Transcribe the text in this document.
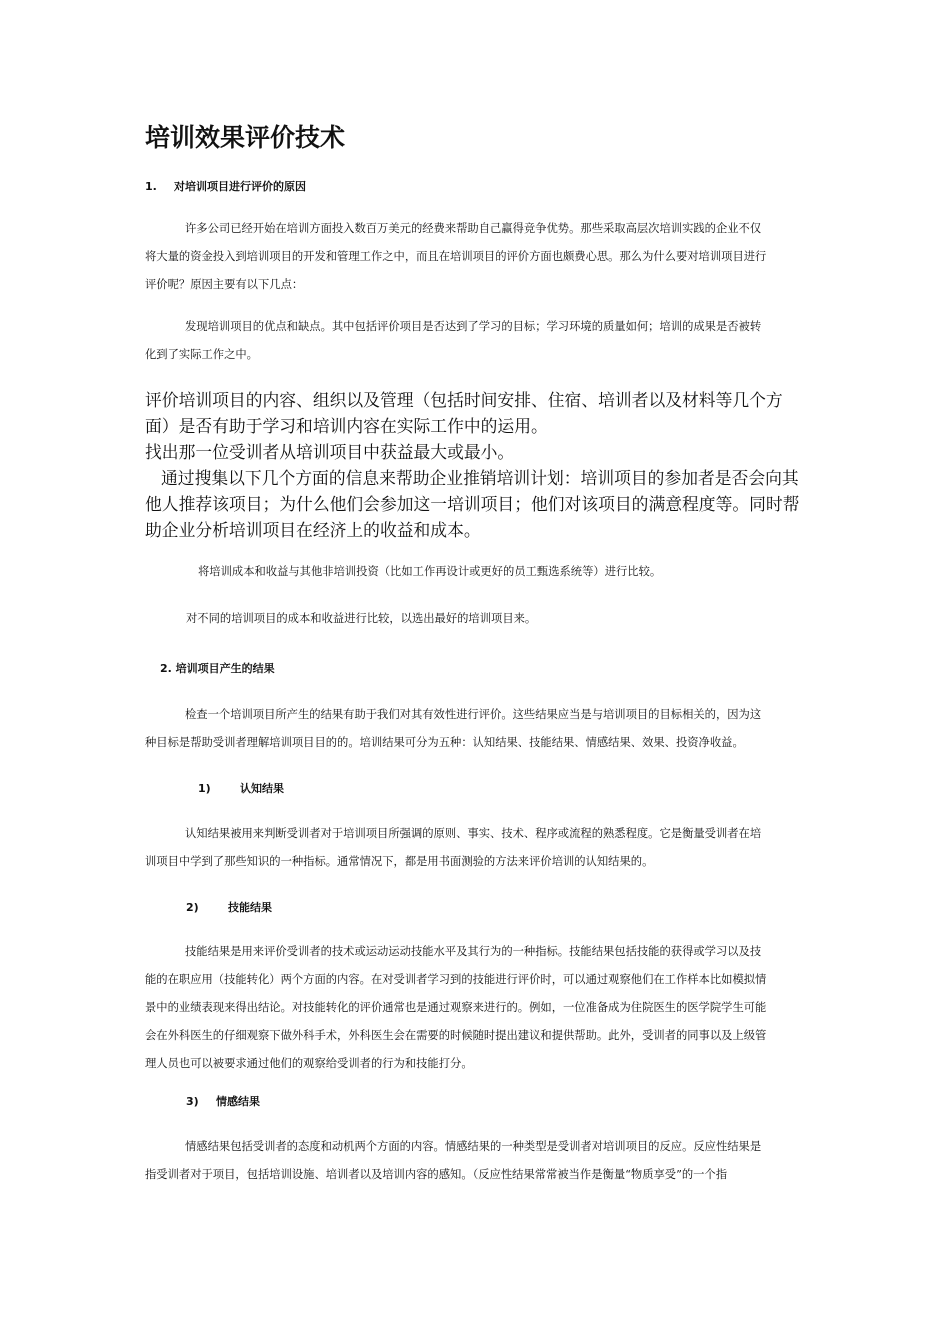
培训效果评价技术
1. 对培训项目进行评价的原因
许多公司已经开始在培训方面投入数百万美元的经费来帮助自己赢得竞争优势。那些采取高层次培训实践的企业不仅
将大量的资金投入到培训项目的开发和管理工作之中，而且在培训项目的评价方面也颇费心思。那么为什么要对培训项目进行
评价呢？原因主要有以下几点：
发现培训项目的优点和缺点。其中包括评价项目是否达到了学习的目标；学习环境的质量如何；培训的成果是否被转
化到了实际工作之中。
评价培训项目的内容、组织以及管理（包括时间安排、住宿、培训者以及材料等几个方
面）是否有助于学习和培训内容在实际工作中的运用。
找出那一位受训者从培训项目中获益最大或最小。
通过搜集以下几个方面的信息来帮助企业推销培训计划：培训项目的参加者是否会向其
他人推荐该项目；为什么他们会参加这一培训项目；他们对该项目的满意程度等。同时帮
助企业分析培训项目在经济上的收益和成本。
将培训成本和收益与其他非培训投资（比如工作再设计或更好的员工甄选系统等）进行比较。
对不同的培训项目的成本和收益进行比较，以选出最好的培训项目来。
2. 培训项目产生的结果
检查一个培训项目所产生的结果有助于我们对其有效性进行评价。这些结果应当是与培训项目的目标相关的，因为这
种目标是帮助受训者理解培训项目目的的。培训结果可分为五种：认知结果、技能结果、情感结果、效果、投资净收益。
1)	认知结果
认知结果被用来判断受训者对于培训项目所强调的原则、事实、技术、程序或流程的熟悉程度。它是衡量受训者在培
训项目中学到了那些知识的一种指标。通常情况下，都是用书面测验的方法来评价培训的认知结果的。
2)	技能结果
技能结果是用来评价受训者的技术或运动运动技能水平及其行为的一种指标。技能结果包括技能的获得或学习以及技
能的在职应用（技能转化）两个方面的内容。在对受训者学习到的技能进行评价时，可以通过观察他们在工作样本比如模拟情
景中的业绩表现来得出结论。对技能转化的评价通常也是通过观察来进行的。例如，一位准备成为住院医生的医学院学生可能
会在外科医生的仔细观察下做外科手术，外科医生会在需要的时候随时提出建议和提供帮助。此外，受训者的同事以及上级管
理人员也可以被要求通过他们的观察给受训者的行为和技能打分。
3) 情感结果
情感结果包括受训者的态度和动机两个方面的内容。情感结果的一种类型是受训者对培训项目的反应。反应性结果是
指受训者对于项目，包括培训设施、培训者以及培训内容的感知。（反应性结果常常被当作是衡量“物质享受”的一个指
